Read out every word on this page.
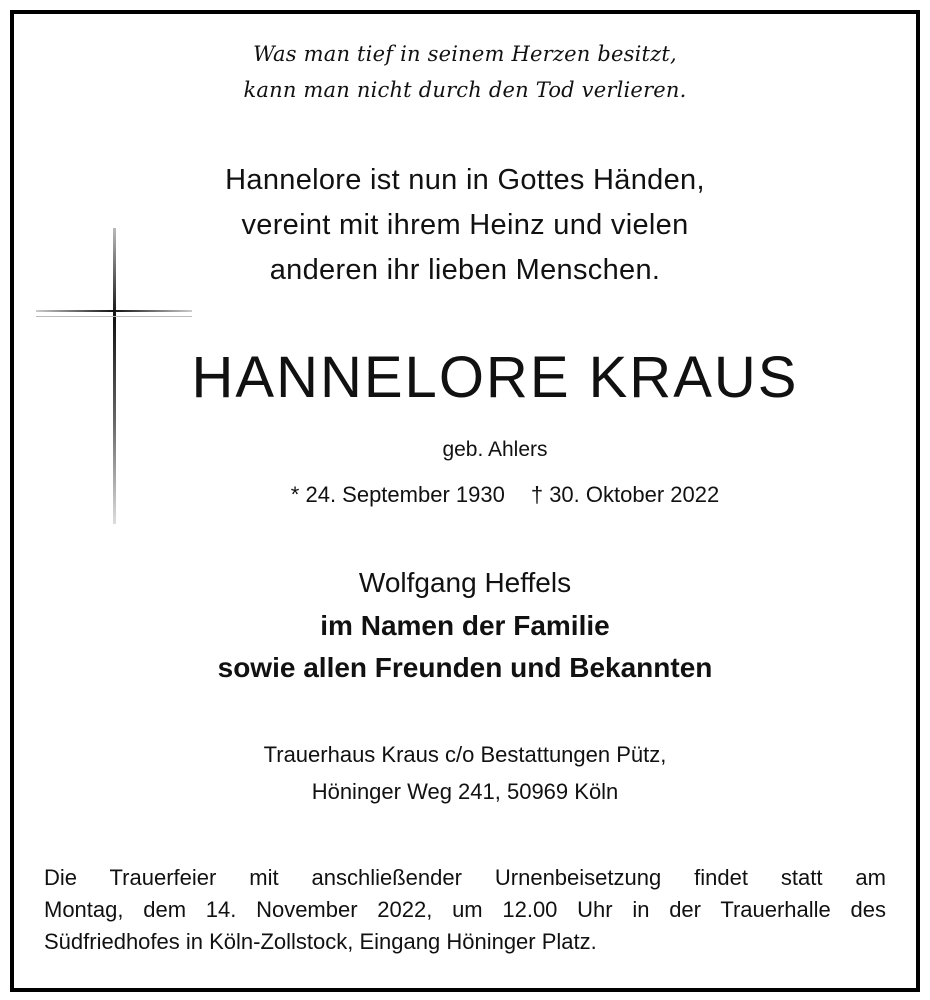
Was man tief in seinem Herzen besitzt,
kann man nicht durch den Tod verlieren.
Hannelore ist nun in Gottes Händen,
vereint mit ihrem Heinz und vielen
anderen ihr lieben Menschen.
HANNELORE KRAUS
geb. Ahlers
* 24. September 1930 † 30. Oktober 2022
Wolfgang Heffels
im Namen der Familie
sowie allen Freunden und Bekannten
Trauerhaus Kraus c/o Bestattungen Pütz,
Höninger Weg 241, 50969 Köln
Die Trauerfeier mit anschließender Urnenbeisetzung findet statt am
Montag, dem 14. November 2022, um 12.00 Uhr in der Trauerhalle des
Südfriedhofes in Köln-Zollstock, Eingang Höninger Platz.
